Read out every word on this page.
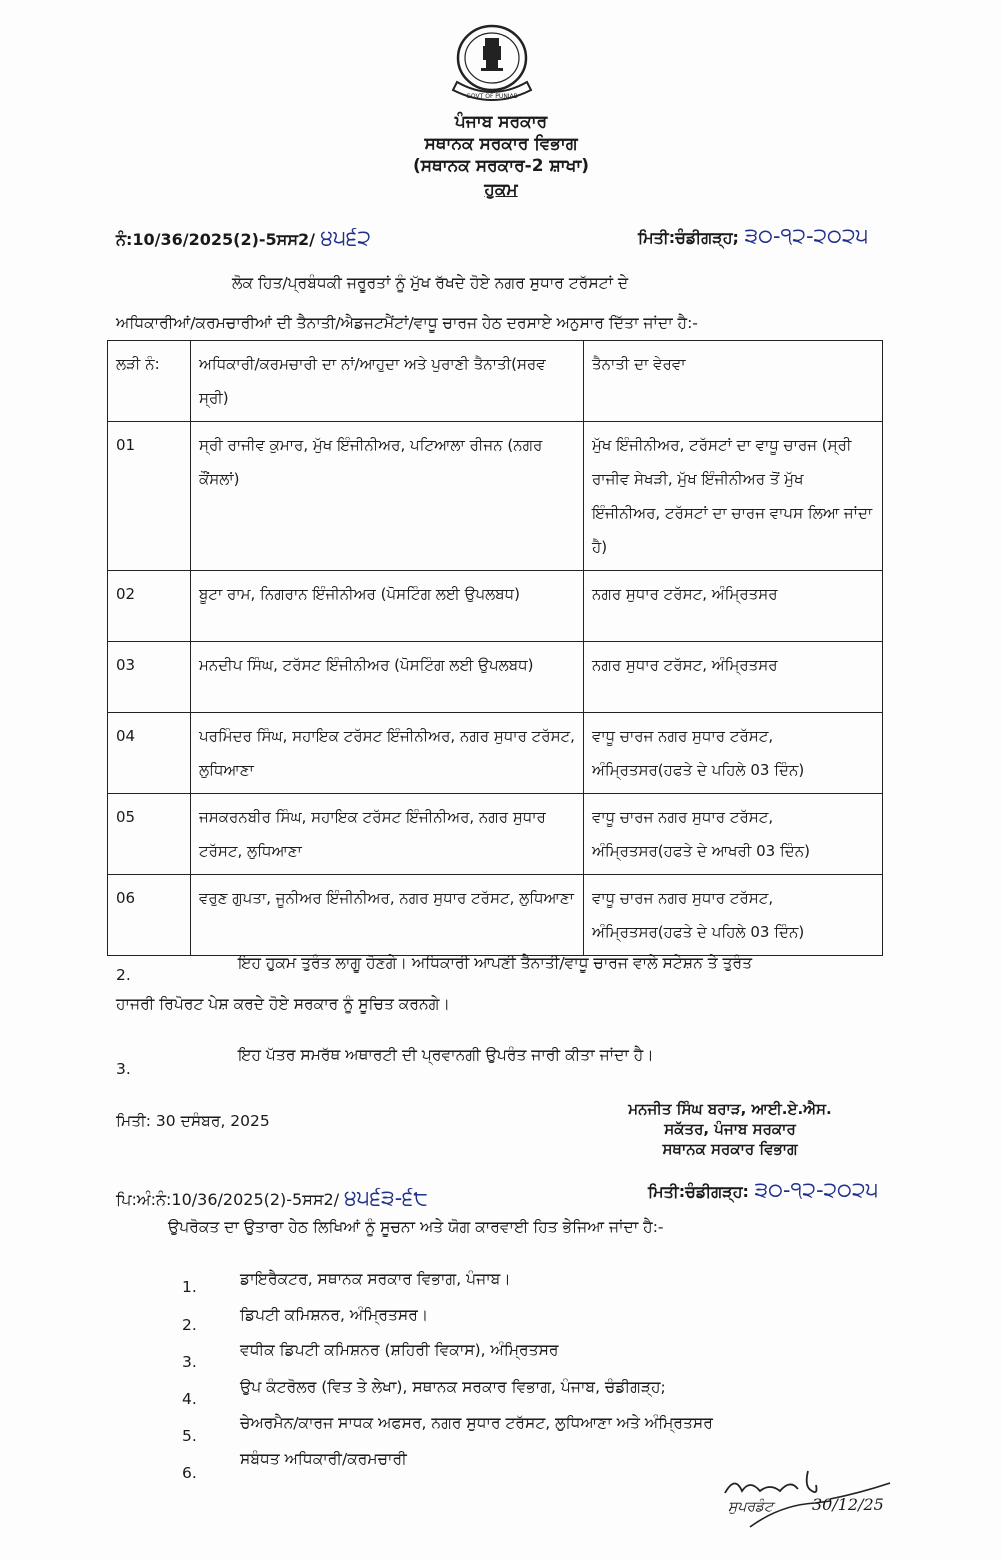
GOVT OF PUNJAB
ਪੰਜਾਬ ਸਰਕਾਰ
ਸਥਾਨਕ ਸਰਕਾਰ ਵਿਭਾਗ
(ਸਥਾਨਕ ਸਰਕਾਰ-2 ਸ਼ਾਖਾ)
ਹੁਕਮ
ਨੰ:10/36/2025(2)-5ਸਸ2/ ੪੫੬੨	ਮਿਤੀ:ਚੰਡੀਗੜ੍ਹ; ੩੦-੧੨-੨੦੨੫
ਲੋਕ ਹਿਤ/ਪ੍ਰਬੰਧਕੀ ਜਰੂਰਤਾਂ ਨੂੰ ਮੁੱਖ ਰੱਖਦੇ ਹੋਏ ਨਗਰ ਸੁਧਾਰ ਟਰੱਸਟਾਂ ਦੇ
ਅਧਿਕਾਰੀਆਂ/ਕਰਮਚਾਰੀਆਂ ਦੀ ਤੈਨਾਤੀ/ਐਡਜਟਮੈਂਟਾਂ/ਵਾਧੂ ਚਾਰਜ ਹੇਠ ਦਰਸਾਏ ਅਨੁਸਾਰ ਦਿੱਤਾ ਜਾਂਦਾ ਹੈ:-
ਲੜੀ ਨੰ:	ਅਧਿਕਾਰੀ/ਕਰਮਚਾਰੀ ਦਾ ਨਾਂ/ਆਹੁਦਾ ਅਤੇ ਪੁਰਾਣੀ ਤੈਨਾਤੀ(ਸਰਵ ਸ੍ਰੀ)	ਤੈਨਾਤੀ ਦਾ ਵੇਰਵਾ
01	ਸ੍ਰੀ ਰਾਜੀਵ ਕੁਮਾਰ, ਮੁੱਖ ਇੰਜੀਨੀਅਰ, ਪਟਿਆਲਾ ਰੀਜਨ (ਨਗਰ ਕੌਂਸਲਾਂ)	ਮੁੱਖ ਇੰਜੀਨੀਅਰ, ਟਰੱਸਟਾਂ ਦਾ ਵਾਧੂ ਚਾਰਜ (ਸ੍ਰੀ ਰਾਜੀਵ ਸੇਖੜੀ, ਮੁੱਖ ਇੰਜੀਨੀਅਰ ਤੋਂ ਮੁੱਖ ਇੰਜੀਨੀਅਰ, ਟਰੱਸਟਾਂ ਦਾ ਚਾਰਜ ਵਾਪਸ ਲਿਆ ਜਾਂਦਾ ਹੈ)
02	ਬੂਟਾ ਰਾਮ, ਨਿਗਰਾਨ ਇੰਜੀਨੀਅਰ (ਪੋਸਟਿੰਗ ਲਈ ਉਪਲਬਧ)	ਨਗਰ ਸੁਧਾਰ ਟਰੱਸਟ, ਅੰਮ੍ਰਿਤਸਰ
03	ਮਨਦੀਪ ਸਿੰਘ, ਟਰੱਸਟ ਇੰਜੀਨੀਅਰ (ਪੋਸਟਿੰਗ ਲਈ ਉਪਲਬਧ)	ਨਗਰ ਸੁਧਾਰ ਟਰੱਸਟ, ਅੰਮ੍ਰਿਤਸਰ
04	ਪਰਮਿੰਦਰ ਸਿੰਘ, ਸਹਾਇਕ ਟਰੱਸਟ ਇੰਜੀਨੀਅਰ, ਨਗਰ ਸੁਧਾਰ ਟਰੱਸਟ, ਲੁਧਿਆਣਾ	ਵਾਧੂ ਚਾਰਜ ਨਗਰ ਸੁਧਾਰ ਟਰੱਸਟ, ਅੰਮ੍ਰਿਤਸਰ(ਹਫਤੇ ਦੇ ਪਹਿਲੇ 03 ਦਿੰਨ)
05	ਜਸਕਰਨਬੀਰ ਸਿੰਘ, ਸਹਾਇਕ ਟਰੱਸਟ ਇੰਜੀਨੀਅਰ, ਨਗਰ ਸੁਧਾਰ ਟਰੱਸਟ, ਲੁਧਿਆਣਾ	ਵਾਧੂ ਚਾਰਜ ਨਗਰ ਸੁਧਾਰ ਟਰੱਸਟ, ਅੰਮ੍ਰਿਤਸਰ(ਹਫਤੇ ਦੇ ਆਖਰੀ 03 ਦਿੰਨ)
06	ਵਰੁਣ ਗੁਪਤਾ, ਜੂਨੀਅਰ ਇੰਜੀਨੀਅਰ, ਨਗਰ ਸੁਧਾਰ ਟਰੱਸਟ, ਲੁਧਿਆਣਾ	ਵਾਧੂ ਚਾਰਜ ਨਗਰ ਸੁਧਾਰ ਟਰੱਸਟ, ਅੰਮ੍ਰਿਤਸਰ(ਹਫਤੇ ਦੇ ਪਹਿਲੇ 03 ਦਿੰਨ)
2.
ਇਹ ਹੁਕਮ ਤੁਰੰਤ ਲਾਗੂ ਹੋਣਗੇ। ਅਧਿਕਾਰੀ ਆਪਣੀ ਤੈਨਾਤੀ/ਵਾਧੂ ਚਾਰਜ ਵਾਲੇ ਸਟੇਸ਼ਨ ਤੇ ਤੁਰੰਤ
ਹਾਜਰੀ ਰਿਪੋਰਟ ਪੇਸ਼ ਕਰਦੇ ਹੋਏ ਸਰਕਾਰ ਨੂੰ ਸੂਚਿਤ ਕਰਨਗੇ।
3.
ਇਹ ਪੱਤਰ ਸਮਰੱਥ ਅਥਾਰਟੀ ਦੀ ਪ੍ਰਵਾਨਗੀ ਉਪਰੰਤ ਜਾਰੀ ਕੀਤਾ ਜਾਂਦਾ ਹੈ।
ਮਿਤੀ: 30 ਦਸੰਬਰ, 2025
ਮਨਜੀਤ ਸਿੰਘ ਬਰਾੜ, ਆਈ.ਏ.ਐਸ.
ਸਕੱਤਰ, ਪੰਜਾਬ ਸਰਕਾਰ
ਸਥਾਨਕ ਸਰਕਾਰ ਵਿਭਾਗ
ਪਿ:ਅੰ:ਨੰ:10/36/2025(2)-5ਸਸ2/ ੪੫੬੩-੬੮	ਮਿਤੀ:ਚੰਡੀਗੜ੍ਹ: ੩੦-੧੨-੨੦੨੫
ਉਪਰੋਕਤ ਦਾ ਉਤਾਰਾ ਹੇਠ ਲਿਖਿਆਂ ਨੂੰ ਸੂਚਨਾ ਅਤੇ ਯੋਗ ਕਾਰਵਾਈ ਹਿਤ ਭੇਜਿਆ ਜਾਂਦਾ ਹੈ:-
1.	ਡਾਇਰੈਕਟਰ, ਸਥਾਨਕ ਸਰਕਾਰ ਵਿਭਾਗ, ਪੰਜਾਬ।
2.
ਡਿਪਟੀ ਕਮਿਸ਼ਨਰ, ਅੰਮ੍ਰਿਤਸਰ।
3.
ਵਧੀਕ ਡਿਪਟੀ ਕਮਿਸ਼ਨਰ (ਸ਼ਹਿਰੀ ਵਿਕਾਸ), ਅੰਮ੍ਰਿਤਸਰ
4.
ਉਪ ਕੰਟਰੋਲਰ (ਵਿਤ ਤੇ ਲੇਖਾ), ਸਥਾਨਕ ਸਰਕਾਰ ਵਿਭਾਗ, ਪੰਜਾਬ, ਚੰਡੀਗੜ੍ਹ;
5.
ਚੇਅਰਮੈਨ/ਕਾਰਜ ਸਾਧਕ ਅਫਸਰ, ਨਗਰ ਸੁਧਾਰ ਟਰੱਸਟ, ਲੁਧਿਆਣਾ ਅਤੇ ਅੰਮ੍ਰਿਤਸਰ
6.
ਸਬੰਧਤ ਅਧਿਕਾਰੀ/ਕਰਮਚਾਰੀ
ਸੁਪਰਡੰਟ 30/12/25
